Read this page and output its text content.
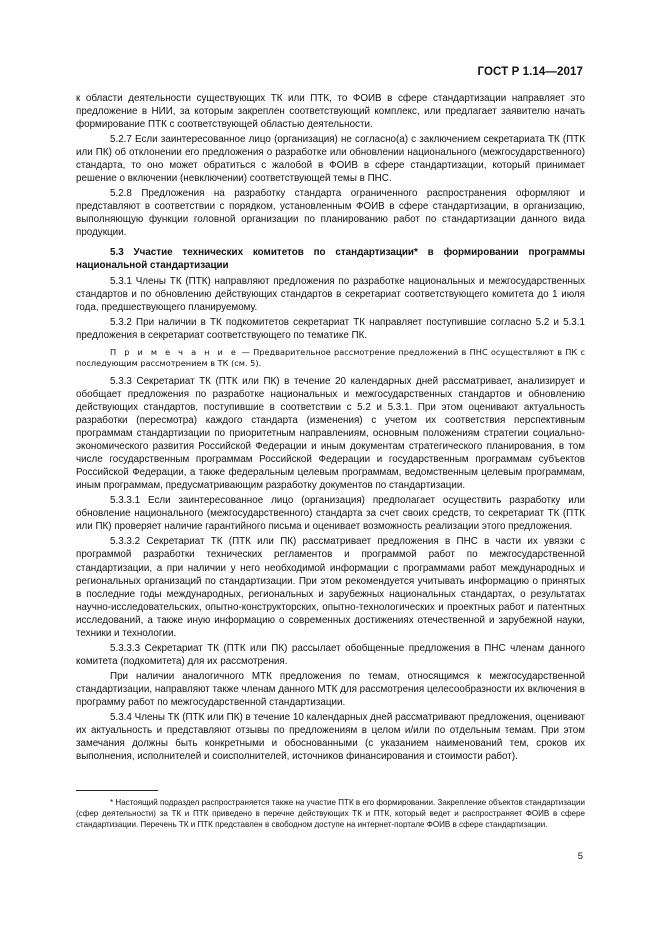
ГОСТ Р 1.14—2017

к области деятельности существующих ТК или ПТК, то ФОИВ в сфере стандартизации направляет это предложение в НИИ, за которым закреплен соответствующий комплекс, или предлагает заявителю начать формирование ПТК с соответствующей областью деятельности.

5.2.7 Если заинтересованное лицо (организация) не согласно(а) с заключением секретариата ТК (ПТК или ПК) об отклонении его предложения о разработке или обновлении национального (межгосударственного) стандарта, то оно может обратиться с жалобой в ФОИВ в сфере стандартизации, который принимает решение о включении (невключении) соответствующей темы в ПНС.

5.2.8 Предложения на разработку стандарта ограниченного распространения оформляют и представляют в соответствии с порядком, установленным ФОИВ в сфере стандартизации, в организацию, выполняющую функции головной организации по планированию работ по стандартизации данного вида продукции.

5.3 Участие технических комитетов по стандартизации* в формировании программы национальной стандартизации

5.3.1 Члены ТК (ПТК) направляют предложения по разработке национальных и межгосударственных стандартов и по обновлению действующих стандартов в секретариат соответствующего комитета до 1 июля года, предшествующего планируемому.

5.3.2 При наличии в ТК подкомитетов секретариат ТК направляет поступившие согласно 5.2 и 5.3.1 предложения в секретариат соответствующего по тематике ПК.

П р и м е ч а н и е — Предварительное рассмотрение предложений в ПНС осуществляют в ПК с последующим рассмотрением в ТК (см. 5).

5.3.3 Секретариат ТК (ПТК или ПК) в течение 20 календарных дней рассматривает, анализирует и обобщает предложения по разработке национальных и межгосударственных стандартов и обновлению действующих стандартов, поступившие в соответствии с 5.2 и 5.3.1. При этом оценивают актуальность разработки (пересмотра) каждого стандарта (изменения) с учетом их соответствия перспективным программам стандартизации по приоритетным направлениям, основным положениям стратегии социально-экономического развития Российской Федерации и иным документам стратегического планирования, в том числе государственным программам Российской Федерации и государственным программам субъектов Российской Федерации, а также федеральным целевым программам, ведомственным целевым программам, иным программам, предусматривающим разработку документов по стандартизации.

5.3.3.1 Если заинтересованное лицо (организация) предполагает осуществить разработку или обновление национального (межгосударственного) стандарта за счет своих средств, то секретариат ТК (ПТК или ПК) проверяет наличие гарантийного письма и оценивает возможность реализации этого предложения.

5.3.3.2 Секретариат ТК (ПТК или ПК) рассматривает предложения в ПНС в части их увязки с программой разработки технических регламентов и программой работ по межгосударственной стандартизации, а при наличии у него необходимой информации с программами работ международных и региональных организаций по стандартизации. При этом рекомендуется учитывать информацию о принятых в последние годы международных, региональных и зарубежных национальных стандартах, о результатах научно-исследовательских, опытно-конструкторских, опытно-технологических и проектных работ и патентных исследований, а также иную информацию о современных достижениях отечественной и зарубежной науки, техники и технологии.

5.3.3.3 Секретариат ТК (ПТК или ПК) рассылает обобщенные предложения в ПНС членам данного комитета (подкомитета) для их рассмотрения.

При наличии аналогичного МТК предложения по темам, относящимся к межгосударственной стандартизации, направляют также членам данного МТК для рассмотрения целесообразности их включения в программу работ по межгосударственной стандартизации.

5.3.4 Члены ТК (ПТК или ПК) в течение 10 календарных дней рассматривают предложения, оценивают их актуальность и представляют отзывы по предложениям в целом и/или по отдельным темам. При этом замечания должны быть конкретными и обоснованными (с указанием наименований тем, сроков их выполнения, исполнителей и соисполнителей, источников финансирования и стоимости работ).

* Настоящий подраздел распространяется также на участие ПТК в его формировании. Закрепление объектов стандартизации (сфер деятельности) за ТК и ПТК приведено в перечне действующих ТК и ПТК, который ведет и распространяет ФОИВ в сфере стандартизации. Перечень ТК и ПТК представлен в свободном доступе на интернет-портале ФОИВ в сфере стандартизации.
5
